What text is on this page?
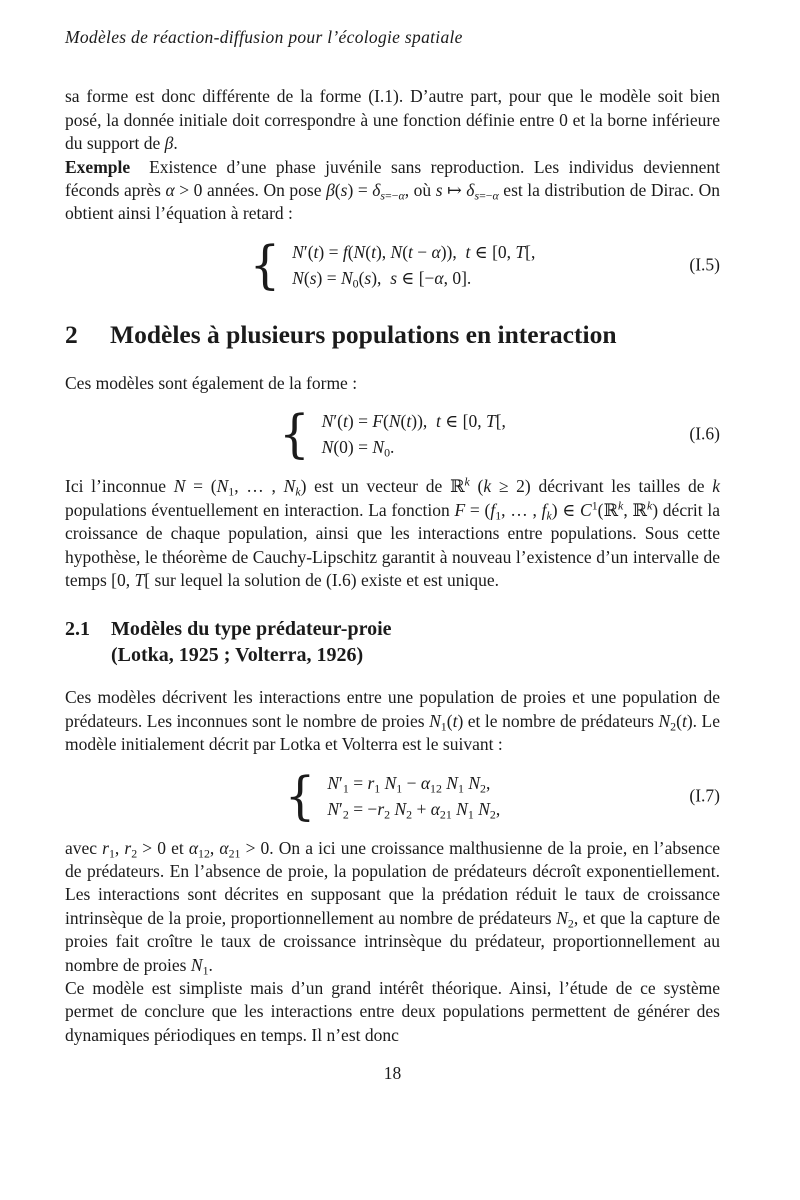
Modèles de réaction-diffusion pour l’écologie spatiale

sa forme est donc différente de la forme (I.1). D’autre part, pour que le modèle soit bien posé, la donnée initiale doit correspondre à une fonction définie entre 0 et la borne inférieure du support de β.

Exemple  Existence d’une phase juvénile sans reproduction. Les individus deviennent féconds après α > 0 années. On pose $\beta(s) = \delta_{s=-\alpha}$, où s ↦ $\delta_{s=-\alpha}$ est la distribution de Dirac. On obtient ainsi l’équation à retard :

{ N′(t) = f(N(t), N(t − α)),  t ∈ [0, T[,
$N(s) = N_0(s)$,  s ∈ [−α, 0].
(I.5)
2	Modèles à plusieurs populations en interaction

Ces modèles sont également de la forme :

{ N′(t) = F(N(t)),  t ∈ [0, T[,
$N(0) = N_0$.
(I.6)

Ici l’inconnue $N = (N_1$, … , $N_k$) est un vecteur de ℝ$^k$ (k ≥ 2) décrivant les tailles de k populations éventuellement en interaction. La fonction $F = (f_1$, … , $f_k$) ∈ $C^1(ℝ^k$, ℝ$^k$) décrit la croissance de chaque population, ainsi que les interactions entre populations. Sous cette hypothèse, le théorème de Cauchy-Lipschitz garantit à nouveau l’existence d’un intervalle de temps [0, T[ sur lequel la solution de (I.6) existe et est unique.

2.1	Modèles du type prédateur-proie
(Lotka, 1925 ; Volterra, 1926)

Ces modèles décrivent les interactions entre une population de proies et une population de prédateurs. Les inconnues sont le nombre de proies $N_1(t)$ et le nombre de prédateurs $N_2(t)$. Le modèle initialement décrit par Lotka et Volterra est le suivant :

{ $N'_1 = r_1$ $N_1 - \alpha_{12}$ $N_1$ $N_2$,
$N'_2 = -r_2$ $N_2 + \alpha_{21}$ $N_1$ $N_2$,
(I.7)

avec $r_1$, $r_2 > 0$ et $\alpha_{12}$, $\alpha_{21} > 0$. On a ici une croissance malthusienne de la proie, en l’absence de prédateurs. En l’absence de proie, la population de prédateurs décroît exponentiellement. Les interactions sont décrites en supposant que la prédation réduit le taux de croissance intrinsèque de la proie, proportionnellement au nombre de prédateurs $N_2$, et que la capture de proies fait croître le taux de croissance intrinsèque du prédateur, proportionnellement au nombre de proies $N_1$.

Ce modèle est simpliste mais d’un grand intérêt théorique. Ainsi, l’étude de ce système permet de conclure que les interactions entre deux populations permettent de générer des dynamiques périodiques en temps. Il n’est donc

18
